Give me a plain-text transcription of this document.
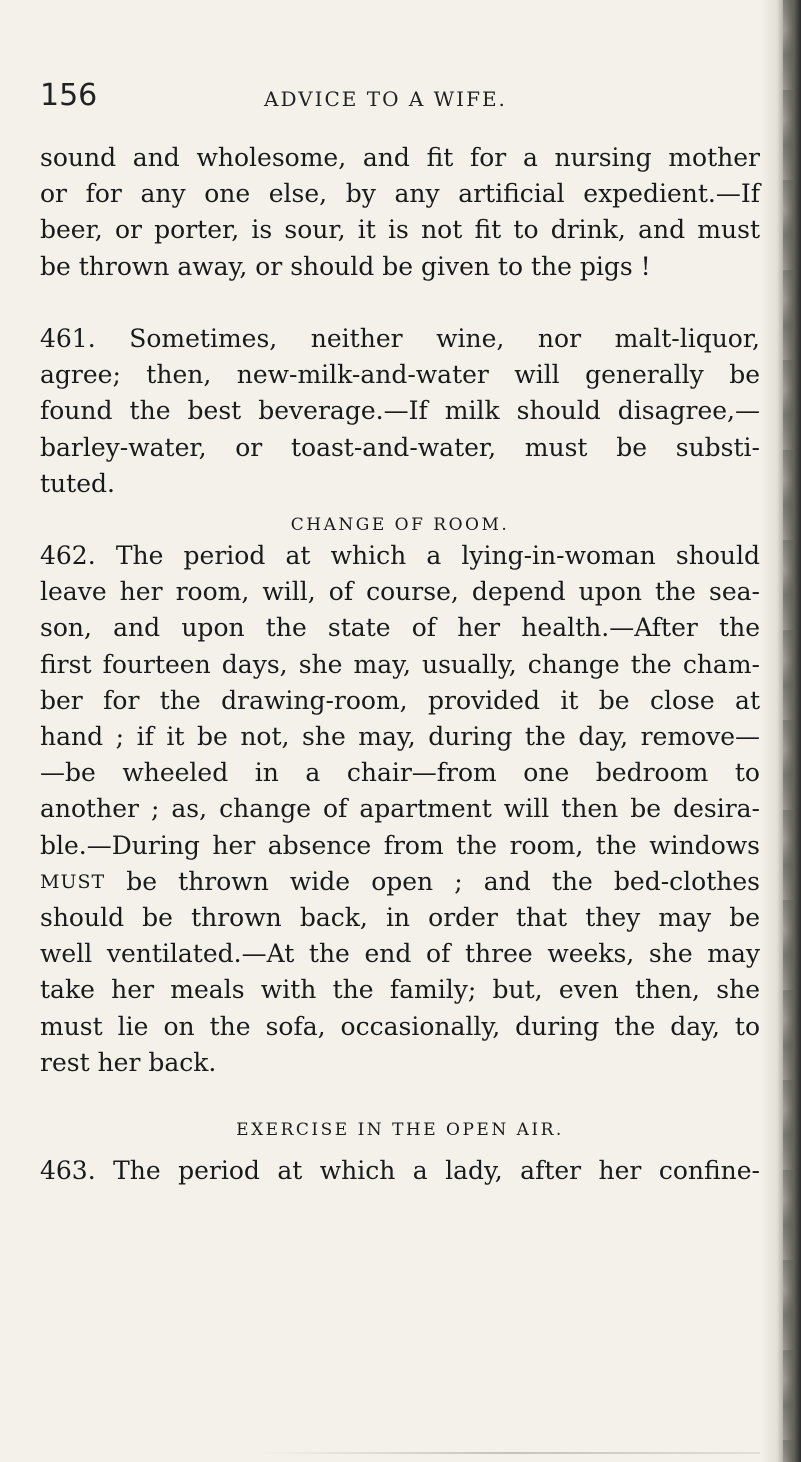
156	ADVICE TO A WIFE.
sound and wholesome, and fit for a nursing mother
or for any one else, by any artificial expedient.—If
beer, or porter, is sour, it is not fit to drink, and must
be thrown away, or should be given to the pigs !
461. Sometimes, neither wine, nor malt-liquor,
agree; then, new-milk-and-water will generally be
found the best beverage.—If milk should disagree,—
barley-water, or toast-and-water, must be substi-
tuted.
CHANGE OF ROOM.
462. The period at which a lying-in-woman should
leave her room, will, of course, depend upon the sea-
son, and upon the state of her health.—After the
first fourteen days, she may, usually, change the cham-
ber for the drawing-room, provided it be close at
hand ; if it be not, she may, during the day, remove—
—be wheeled in a chair—from one bedroom to
another ; as, change of apartment will then be desira-
ble.—During her absence from the room, the windows
MUST be thrown wide open ; and the bed-clothes
should be thrown back, in order that they may be
well ventilated.—At the end of three weeks, she may
take her meals with the family; but, even then, she
must lie on the sofa, occasionally, during the day, to
rest her back.
EXERCISE IN THE OPEN AIR.
463. The period at which a lady, after her confine-
